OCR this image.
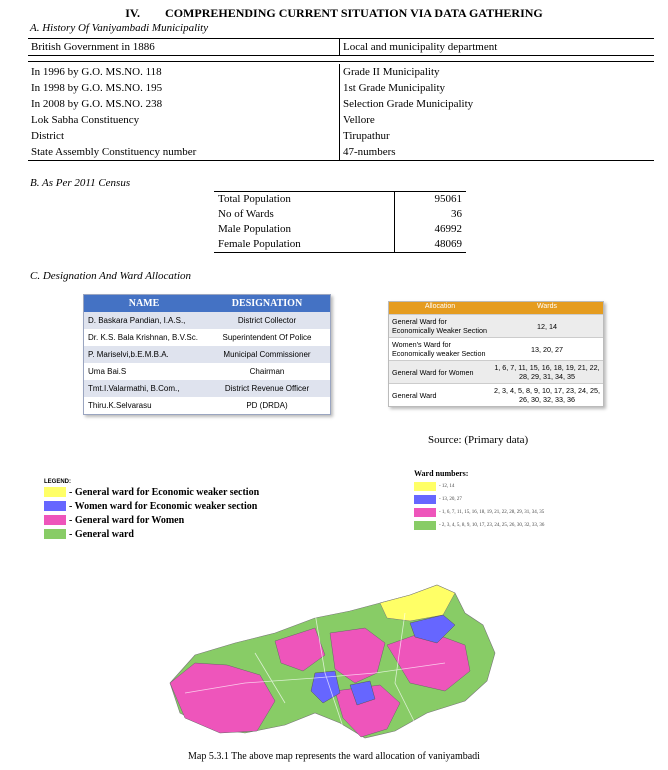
IV. COMPREHENDING CURRENT SITUATION VIA DATA GATHERING
A. History Of Vaniyambadi Municipality
British Government in 1886	Local and municipality department
In 1996 by G.O. MS.NO. 118	Grade II Municipality
In 1998 by G.O. MS.NO. 195	1st Grade Municipality
In 2008 by G.O. MS.NO. 238	Selection Grade Municipality
Lok Sabha Constituency	Vellore
District	Tirupathur
State Assembly Constituency number	47-numbers
B. As Per 2011 Census
Total Population	95061
No of Wards	36
Male Population	46992
Female Population	48069
C. Designation And Ward Allocation
NAME	DESIGNATION
D. Baskara Pandian, I.A.S.,	District Collector
Dr. K.S. Bala Krishnan, B.V.Sc.	Superintendent Of Police
P. Mariselvi,b.E.M.B.A.	Municipal Commissioner
Uma Bai.S	Chairman
Tmt.I.Valarmathi, B.Com.,	District Revenue Officer
Thiru.K.Selvarasu	PD (DRDA)
Allocation	Wards
General Ward for Economically Weaker Section	12, 14
Women's Ward for Economically weaker Section	13, 20, 27
General Ward for Women	1, 6, 7, 11, 15, 16, 18, 19, 21, 22, 28, 29, 31, 34, 35
General Ward	2, 3, 4, 5, 8, 9, 10, 17, 23, 24, 25, 26, 30, 32, 33, 36
Source: (Primary data)
LEGEND:
- General ward for Economic weaker section
- Women ward for Economic weaker section
- General ward for Women
- General ward
Ward numbers:
- 12, 14
- 13, 20, 27
- 1, 6, 7, 11, 15, 16, 18, 19, 21, 22, 28, 29, 31, 34, 35
- 2, 3, 4, 5, 8, 9, 10, 17, 23, 24, 25, 26, 30, 32, 33, 36
Map 5.3.1 The above map represents the ward allocation of vaniyambadi
